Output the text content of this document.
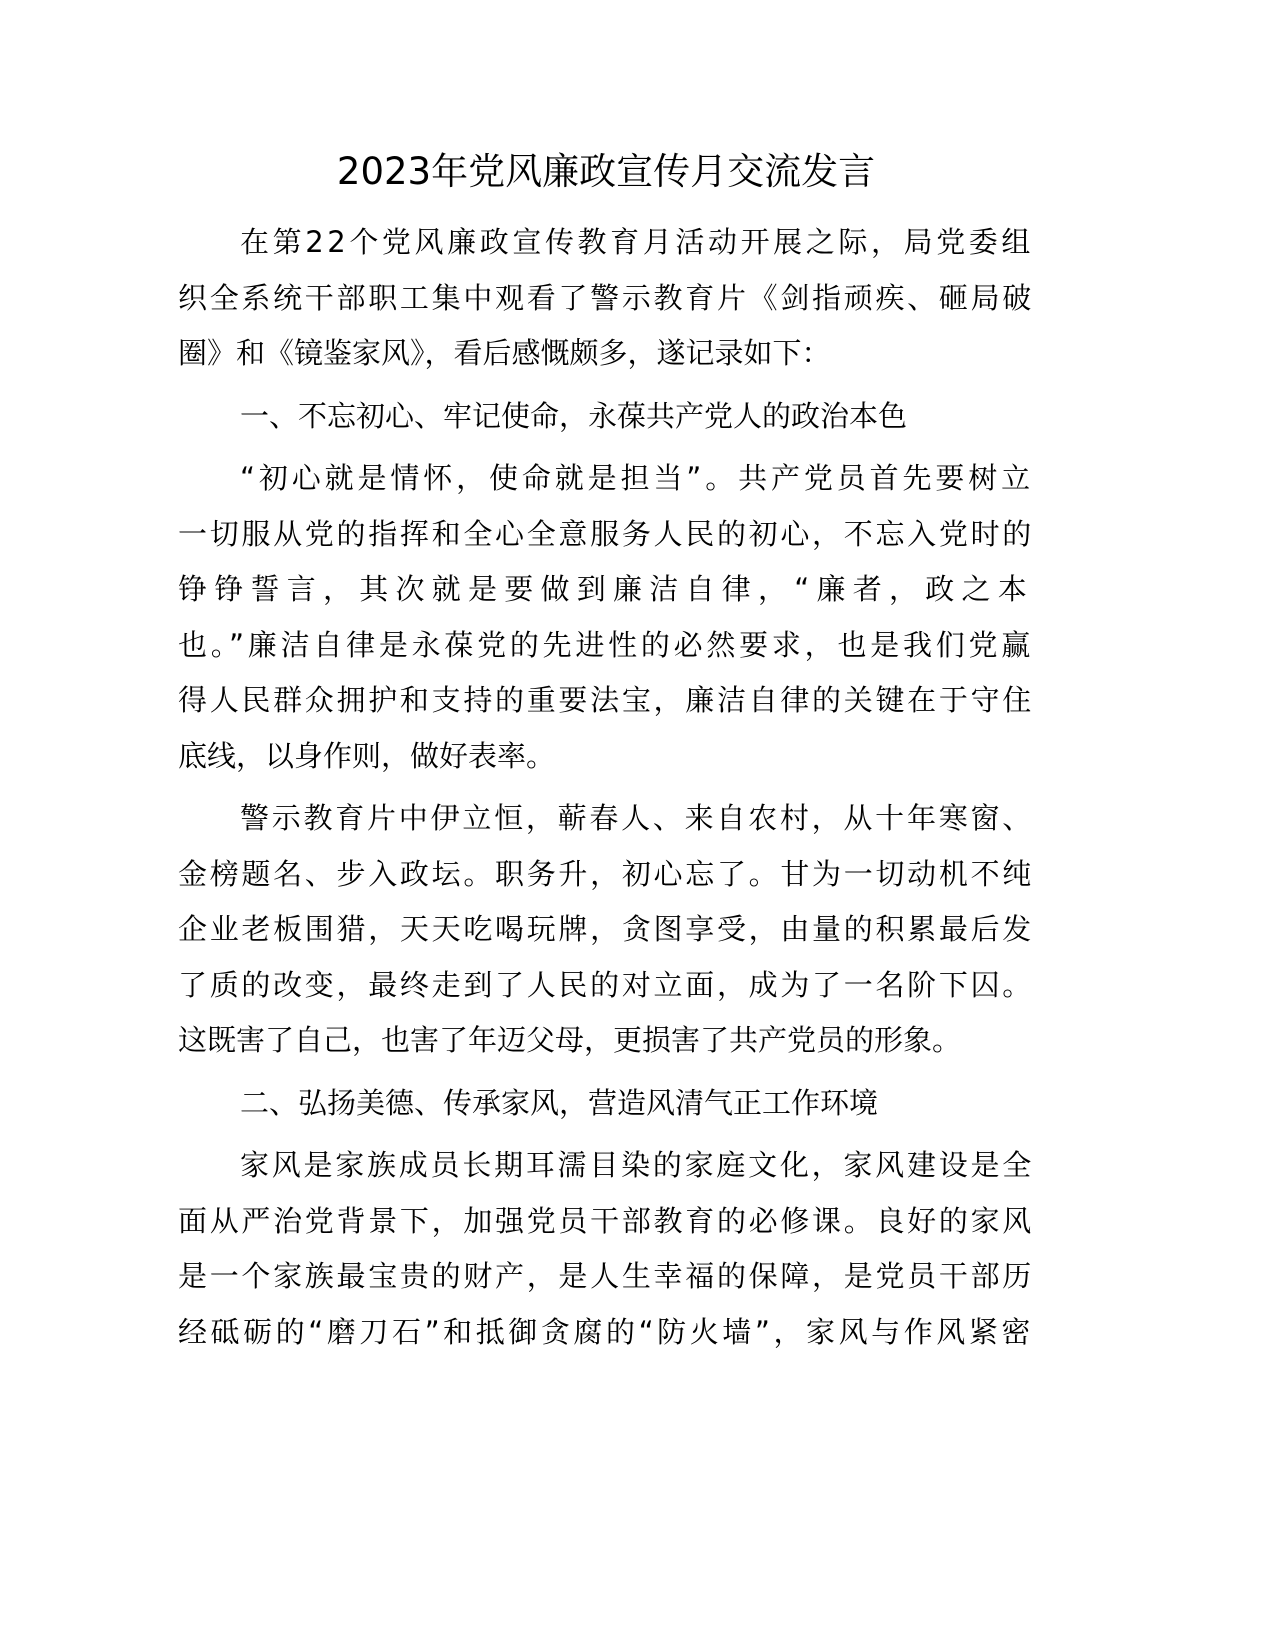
2023年党风廉政宣传月交流发言
在第22个党风廉政宣传教育月活动开展之际，局党委组
织全系统干部职工集中观看了警示教育片《剑指顽疾、砸局破
圈》和《镜鉴家风》，看后感慨颇多，遂记录如下：
一、不忘初心、牢记使命，永葆共产党人的政治本色
“初心就是情怀，使命就是担当”。共产党员首先要树立
一切服从党的指挥和全心全意服务人民的初心，不忘入党时的
铮铮誓言，其次就是要做到廉洁自律，“廉者，政之本
也。”廉洁自律是永葆党的先进性的必然要求，也是我们党赢
得人民群众拥护和支持的重要法宝，廉洁自律的关键在于守住
底线，以身作则，做好表率。
警示教育片中伊立恒，蕲春人、来自农村，从十年寒窗、
金榜题名、步入政坛。职务升，初心忘了。甘为一切动机不纯
企业老板围猎，天天吃喝玩牌，贪图享受，由量的积累最后发
了质的改变，最终走到了人民的对立面，成为了一名阶下囚。
这既害了自己，也害了年迈父母，更损害了共产党员的形象。
二、弘扬美德、传承家风，营造风清气正工作环境
家风是家族成员长期耳濡目染的家庭文化，家风建设是全
面从严治党背景下，加强党员干部教育的必修课。良好的家风
是一个家族最宝贵的财产，是人生幸福的保障，是党员干部历
经砥砺的“磨刀石”和抵御贪腐的“防火墙”，家风与作风紧密
